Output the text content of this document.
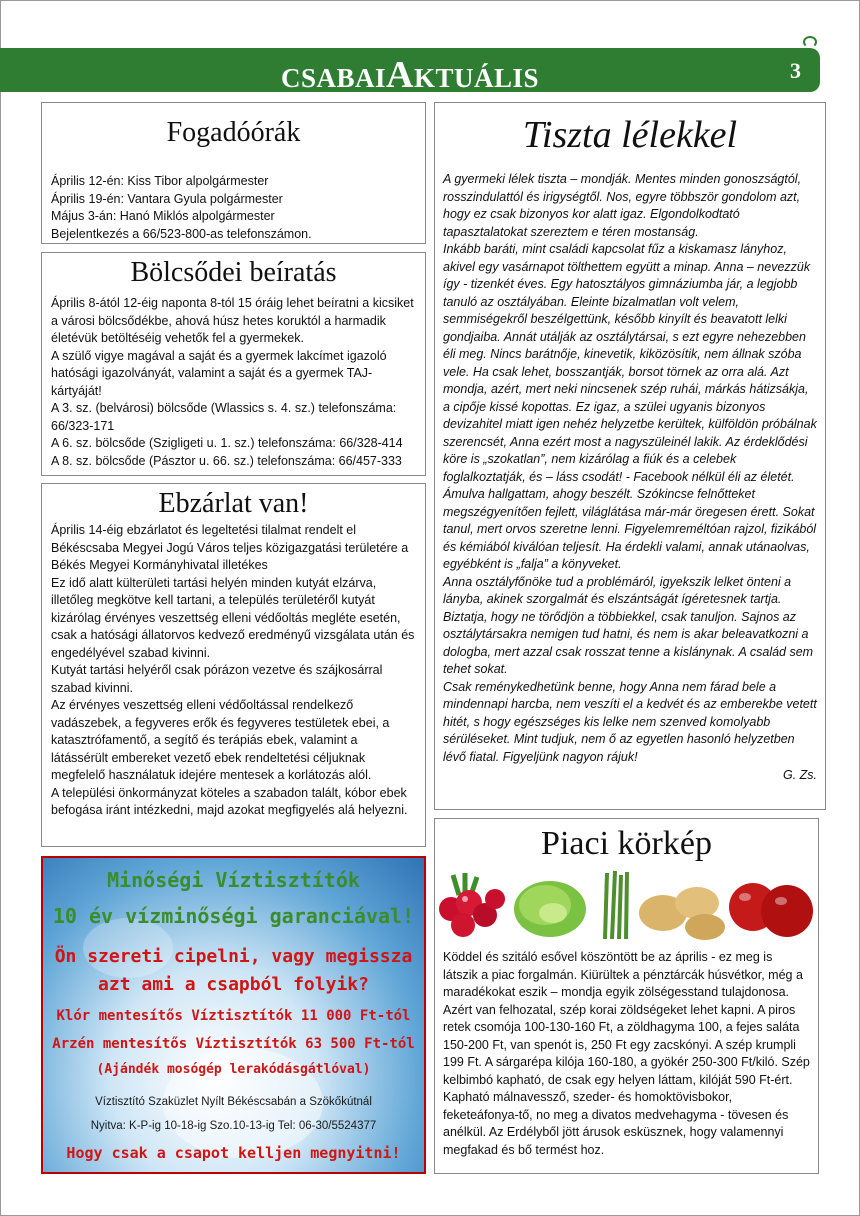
CSABAIAKTUÁLIS	3
Fogadóórák

Április 12-én: Kiss Tibor alpolgármester

Április 19-én: Vantara Gyula polgármester

Május 3-án: Hanó Miklós alpolgármester

Bejelentkezés a 66/523-800-as telefonszámon.

Bölcsődei beíratás

Április 8-ától 12-éig naponta 8-tól 15 óráig lehet beíratni a kicsiket a városi bölcsődékbe, ahová húsz hetes koruktól a harmadik életévük betöltéséig vehetők fel a gyermekek.

A szülő vigye magával a saját és a gyermek lakcímet igazoló hatósági igazolványát, valamint a saját és a gyermek TAJ-kártyáját!

A 3. sz. (belvárosi) bölcsőde (Wlassics s. 4. sz.) telefonszáma: 66/323-171

A 6. sz. bölcsőde (Szigligeti u. 1. sz.) telefonszáma: 66/328-414

A 8. sz. bölcsőde (Pásztor u. 66. sz.) telefonszáma: 66/457-333

Ebzárlat van!

Április 14-éig ebzárlatot és legeltetési tilalmat rendelt el Békéscsaba Megyei Jogú Város teljes közigazgatási területére a Békés Megyei Kormányhivatal illetékes

Ez idő alatt külterületi tartási helyén minden kutyát elzárva, illetőleg megkötve kell tartani, a település területéről kutyát kizárólag érvényes veszettség elleni védőoltás megléte esetén, csak a hatósági állatorvos kedvező eredményű vizsgálata után és engedélyével szabad kivinni.

Kutyát tartási helyéről csak pórázon vezetve és szájkosárral szabad kivinni.

Az érvényes veszettség elleni védőoltással rendelkező vadászebek, a fegyveres erők és fegyveres testületek ebei, a katasztrófamentő, a segítő és terápiás ebek, valamint a látássérült embereket vezető ebek rendeltetési céljuknak megfelelő használatuk idejére mentesek a korlátozás alól.

A települési önkormányzat köteles a szabadon talált, kóbor ebek befogása iránt intézkedni, majd azokat megfigyelés alá helyezni.

Minőségi Víztisztítók
10 év vízminőségi garanciával!
Ön szereti cipelni, vagy megissza
azt ami a csapból folyik?
Klór mentesítős Víztisztítók 11 000 Ft-tól
Arzén mentesítős Víztisztítók 63 500 Ft-tól
(Ajándék mosógép lerakódásgátlóval)
Víztisztító Szaküzlet Nyílt Békéscsabán a Szökőkútnál
Nyitva: K-P-ig 10-18-ig Szo.10-13-ig Tel: 06-30/5524377
Hogy csak a csapot kelljen megnyitni!
Tiszta lélekkel

A gyermeki lélek tiszta – mondják. Mentes minden gonoszságtól, rosszindulattól és irigységtől. Nos, egyre többször gondolom azt, hogy ez csak bizonyos kor alatt igaz. Elgondolkodtató tapasztalatokat szereztem e téren mostanság.

Inkább baráti, mint családi kapcsolat fűz a kiskamasz lányhoz, akivel egy vasárnapot tölthettem együtt a minap. Anna – nevezzük így - tizenkét éves. Egy hatosztályos gimnáziumba jár, a legjobb tanuló az osztályában. Eleinte bizalmatlan volt velem, semmiségekről beszélgettünk, később kinyílt és beavatott lelki gondjaiba. Annát utálják az osztálytársai, s ezt egyre nehezebben éli meg. Nincs barátnője, kinevetik, kiközösítik, nem állnak szóba vele. Ha csak lehet, bosszantják, borsot törnek az orra alá. Azt mondja, azért, mert neki nincsenek szép ruhái, márkás hátizsákja, a cipője kissé kopottas. Ez igaz, a szülei ugyanis bizonyos devizahitel miatt igen nehéz helyzetbe kerültek, külföldön próbálnak szerencsét, Anna ezért most a nagyszüleinél lakik. Az érdeklődési köre is „szokatlan”, nem kizárólag a fiúk és a celebek foglalkoztatják, és – láss csodát! - Facebook nélkül éli az életét. Ámulva hallgattam, ahogy beszélt. Szókincse felnőtteket megszégyenítően fejlett, világlátása már-már öregesen érett. Sokat tanul, mert orvos szeretne lenni. Figyelemreméltóan rajzol, fizikából és kémiából kiválóan teljesít. Ha érdekli valami, annak utánaolvas, egyébként is „falja” a könyveket.

Anna osztályfőnöke tud a problémáról, igyekszik lelket önteni a lányba, akinek szorgalmát és elszántságát ígéretesnek tartja. Biztatja, hogy ne törődjön a többiekkel, csak tanuljon. Sajnos az osztálytársakra nemigen tud hatni, és nem is akar beleavatkozni a dologba, mert azzal csak rosszat tenne a kislánynak. A család sem tehet sokat.

Csak reménykedhetünk benne, hogy Anna nem fárad bele a mindennapi harcba, nem veszíti el a kedvét és az emberekbe vetett hitét, s hogy egészséges kis lelke nem szenved komolyabb sérüléseket. Mint tudjuk, nem ő az egyetlen hasonló helyzetben lévő fiatal. Figyeljünk nagyon rájuk!

G. Zs.
Piaci körkép

Köddel és szitáló esővel köszöntött be az április - ez meg is látszik a piac forgalmán. Kiürültek a pénztárcák húsvétkor, még a maradékokat eszik – mondja egyik zölségesstand tulajdonosa. Azért van felhozatal, szép korai zöldségeket lehet kapni. A piros retek csomója 100-130-160 Ft, a zöldhagyma 100, a fejes saláta 150-200 Ft, van spenót is, 250 Ft egy zacskónyi. A szép krumpli 199 Ft. A sárgarépa kilója 160-180, a gyökér 250-300 Ft/kiló. Szép kelbimbó kapható, de csak egy helyen láttam, kilóját 590 Ft-ért.

Kapható málnavessző, szeder- és homoktövisbokor, feketeáfonya-tő, no meg a divatos medvehagyma - tövesen és anélkül. Az Erdélyből jött árusok esküsznek, hogy valamennyi megfakad és bő termést hoz.
